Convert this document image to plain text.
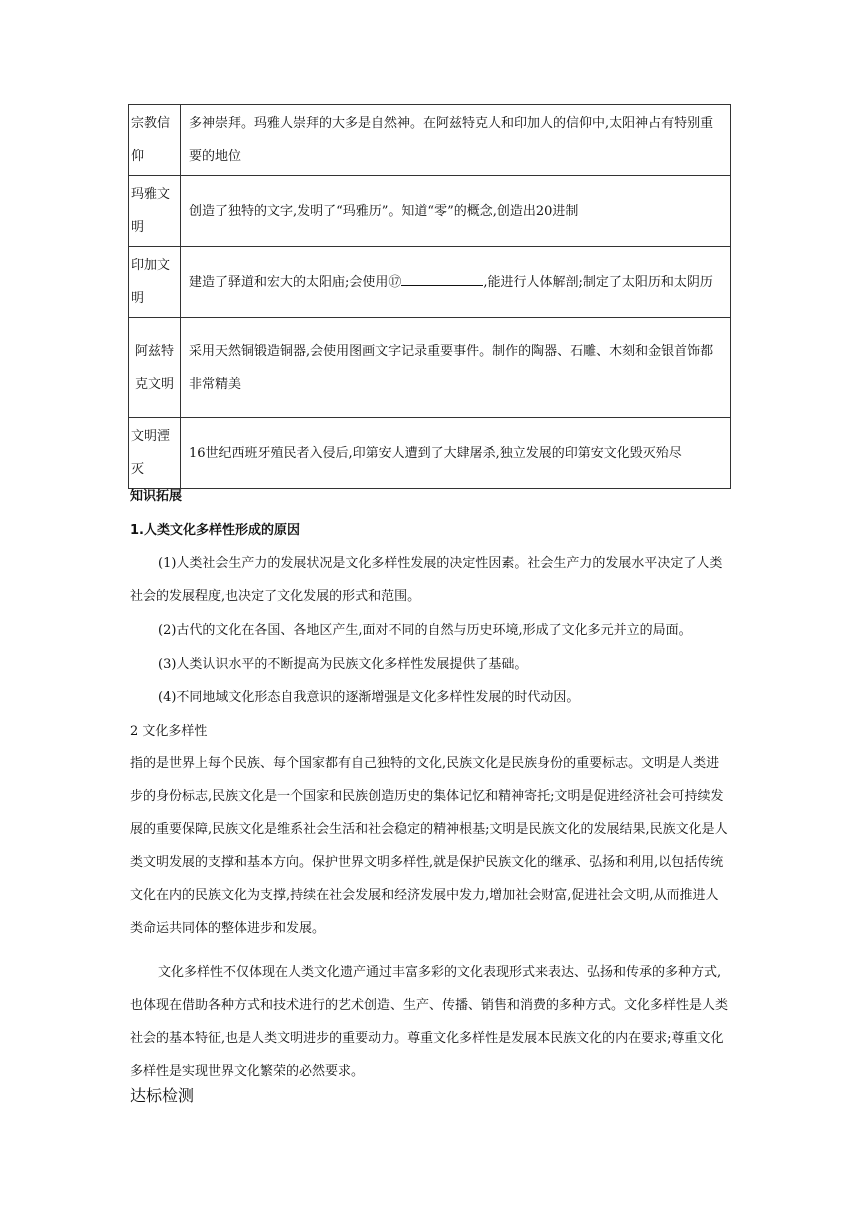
宗教信仰	多神崇拜。玛雅人崇拜的大多是自然神。在阿兹特克人和印加人的信仰中,太阳神占有特别重要的地位
玛雅文明	创造了独特的文字,发明了“玛雅历”。知道“零”的概念,创造出20进制
印加文明	建造了驿道和宏大的太阳庙;会使用⑰ ,能进行人体解剖;制定了太阳历和太阴历
阿兹特克文明	采用天然铜锻造铜器,会使用图画文字记录重要事件。制作的陶器、石雕、木刻和金银首饰都非常精美
文明湮灭	16世纪西班牙殖民者入侵后,印第安人遭到了大肆屠杀,独立发展的印第安文化毁灭殆尽
知识拓展
1.人类文化多样性形成的原因
(1)人类社会生产力的发展状况是文化多样性发展的决定性因素。社会生产力的发展水平决定了人类社会的发展程度,也决定了文化发展的形式和范围。
(2)古代的文化在各国、各地区产生,面对不同的自然与历史环境,形成了文化多元并立的局面。
(3)人类认识水平的不断提高为民族文化多样性发展提供了基础。
(4)不同地域文化形态自我意识的逐渐增强是文化多样性发展的时代动因。
2 文化多样性
指的是世界上每个民族、每个国家都有自己独特的文化,民族文化是民族身份的重要标志。文明是人类进步的身份标志,民族文化是一个国家和民族创造历史的集体记忆和精神寄托;文明是促进经济社会可持续发展的重要保障,民族文化是维系社会生活和社会稳定的精神根基;文明是民族文化的发展结果,民族文化是人类文明发展的支撑和基本方向。保护世界文明多样性,就是保护民族文化的继承、弘扬和利用,以包括传统文化在内的民族文化为支撑,持续在社会发展和经济发展中发力,增加社会财富,促进社会文明,从而推进人类命运共同体的整体进步和发展。
文化多样性不仅体现在人类文化遗产通过丰富多彩的文化表现形式来表达、弘扬和传承的多种方式,也体现在借助各种方式和技术进行的艺术创造、生产、传播、销售和消费的多种方式。文化多样性是人类社会的基本特征,也是人类文明进步的重要动力。尊重文化多样性是发展本民族文化的内在要求;尊重文化多样性是实现世界文化繁荣的必然要求。
达标检测
